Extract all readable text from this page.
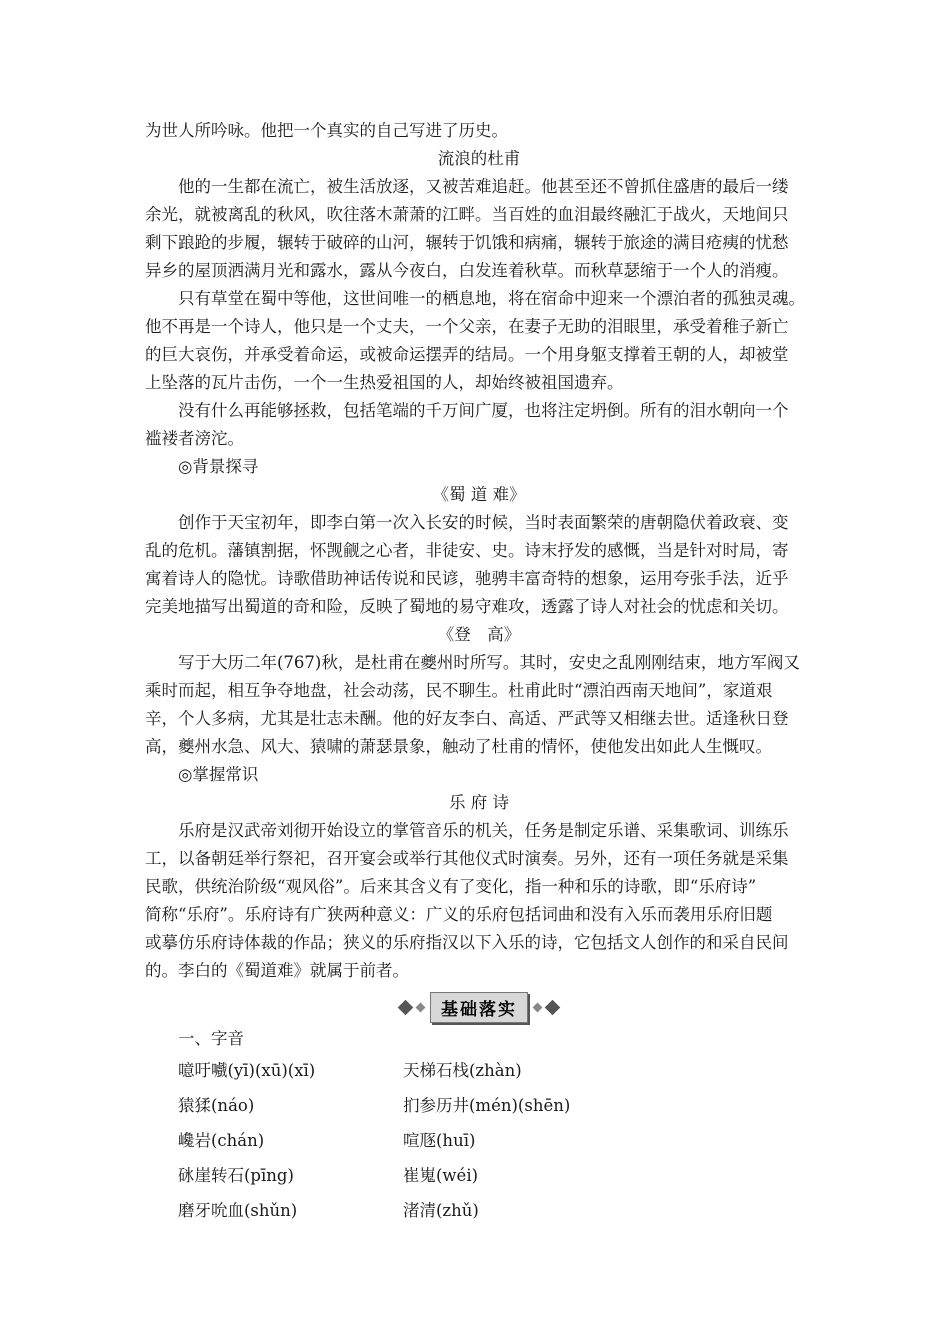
为世人所吟咏。他把一个真实的自己写进了历史。
流浪的杜甫
他的一生都在流亡，被生活放逐，又被苦难追赶。他甚至还不曾抓住盛唐的最后一缕
余光，就被离乱的秋风，吹往落木萧萧的江畔。当百姓的血泪最终融汇于战火，天地间只
剩下踉跄的步履，辗转于破碎的山河，辗转于饥饿和病痛，辗转于旅途的满目疮痍的忧愁
异乡的屋顶洒满月光和露水，露从今夜白，白发连着秋草。而秋草瑟缩于一个人的消瘦。
只有草堂在蜀中等他，这世间唯一的栖息地，将在宿命中迎来一个漂泊者的孤独灵魂。
他不再是一个诗人，他只是一个丈夫，一个父亲，在妻子无助的泪眼里，承受着稚子新亡
的巨大哀伤，并承受着命运，或被命运摆弄的结局。一个用身躯支撑着王朝的人，却被堂
上坠落的瓦片击伤，一个一生热爱祖国的人，却始终被祖国遗弃。
没有什么再能够拯救，包括笔端的千万间广厦，也将注定坍倒。所有的泪水朝向一个
褴褛者滂沱。
◎背景探寻
《蜀 道 难》
创作于天宝初年，即李白第一次入长安的时候，当时表面繁荣的唐朝隐伏着政衰、变
乱的危机。藩镇割据，怀觊觎之心者，非徒安、史。诗末抒发的感慨，当是针对时局，寄
寓着诗人的隐忧。诗歌借助神话传说和民谚，驰骋丰富奇特的想象，运用夸张手法，近乎
完美地描写出蜀道的奇和险，反映了蜀地的易守难攻，透露了诗人对社会的忧虑和关切。
《登　高》
写于大历二年(767)秋，是杜甫在夔州时所写。其时，安史之乱刚刚结束，地方军阀又
乘时而起，相互争夺地盘，社会动荡，民不聊生。杜甫此时“漂泊西南天地间”，家道艰
辛，个人多病，尤其是壮志未酬。他的好友李白、高适、严武等又相继去世。适逢秋日登
高，夔州水急、风大、猿啸的萧瑟景象，触动了杜甫的情怀，使他发出如此人生慨叹。
◎掌握常识
乐 府 诗
乐府是汉武帝刘彻开始设立的掌管音乐的机关，任务是制定乐谱、采集歌词、训练乐
工，以备朝廷举行祭祀，召开宴会或举行其他仪式时演奏。另外，还有一项任务就是采集
民歌，供统治阶级“观风俗”。后来其含义有了变化，指一种和乐的诗歌，即“乐府诗”
简称“乐府”。乐府诗有广狭两种意义：广义的乐府包括词曲和没有入乐而袭用乐府旧题
或摹仿乐府诗体裁的作品；狭义的乐府指汉以下入乐的诗，它包括文人创作的和采自民间
的。李白的《蜀道难》就属于前者。
基础落实
一、字音
噫吁嚱(yī)(xū)(xī)	天梯石栈(zhàn)
猿猱(náo)	扪参历井(mén)(shēn)
巉岩(chán)	喧豗(huī)
砯崖转石(pīng)	崔嵬(wéi)
磨牙吮血(shǔn)	渚清(zhǔ)
